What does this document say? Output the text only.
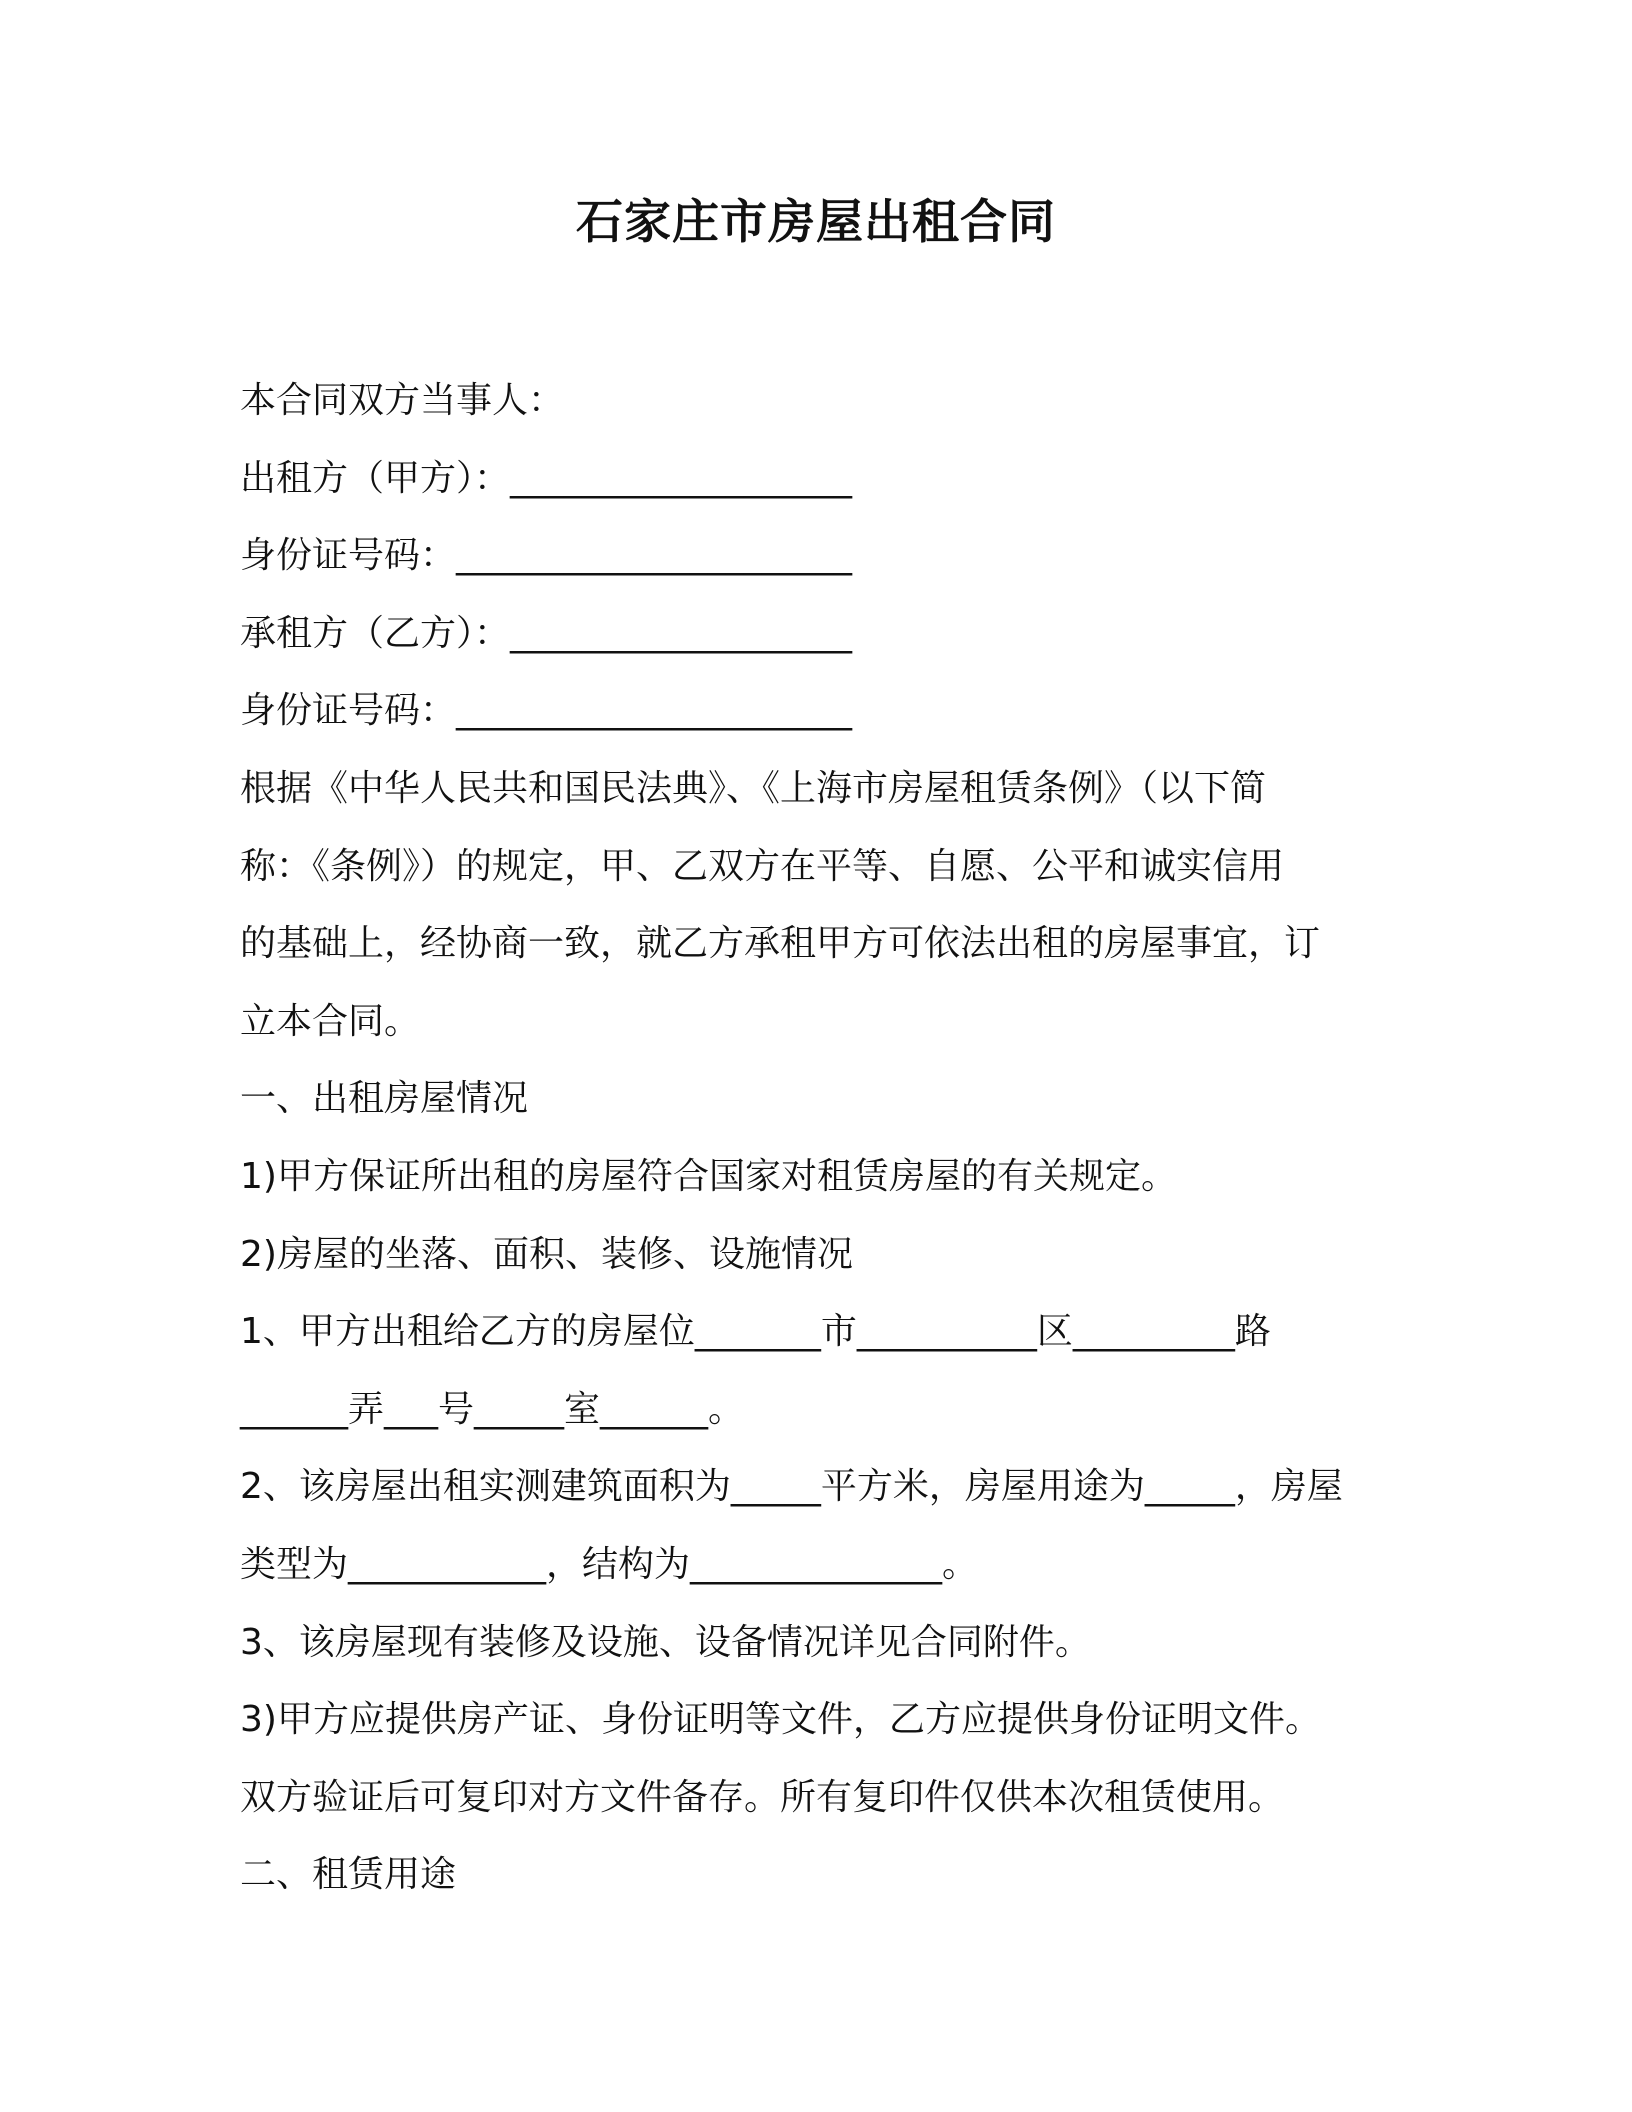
石家庄市房屋出租合同

本合同双方当事人：

出租方（甲方）：___________________

身份证号码：______________________

承租方（乙方）：___________________

身份证号码：______________________

根据《中华人民共和国民法典》、《上海市房屋租赁条例》（以下简

称：《条例》）的规定，甲、乙双方在平等、自愿、公平和诚实信用

的基础上，经协商一致，就乙方承租甲方可依法出租的房屋事宜，订

立本合同。

一、出租房屋情况

1)甲方保证所出租的房屋符合国家对租赁房屋的有关规定。

2)房屋的坐落、面积、装修、设施情况

1、甲方出租给乙方的房屋位_______市__________区_________路

______弄___号_____室______。

2、该房屋出租实测建筑面积为_____平方米，房屋用途为_____，房屋

类型为___________，结构为______________。

3、该房屋现有装修及设施、设备情况详见合同附件。

3)甲方应提供房产证、身份证明等文件，乙方应提供身份证明文件。

双方验证后可复印对方文件备存。所有复印件仅供本次租赁使用。

二、租赁用途
